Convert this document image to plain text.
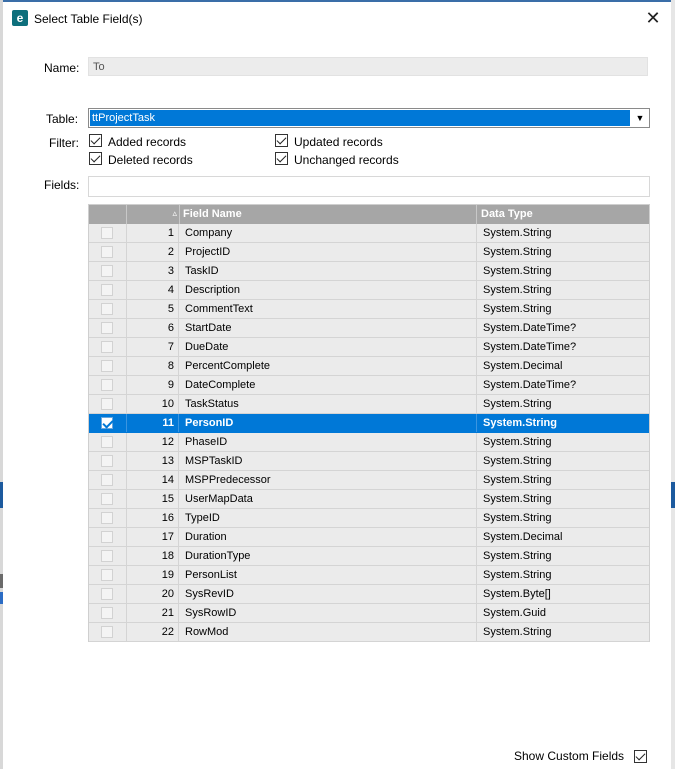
e Select Table Field(s)	✕
Name:	To
Table: ttProjectTask	▼
Filter: Added records	Updated records
Deleted records	Unchanged records
Fields:
▵ Field Name	Data Type
1	Company	System.String
2	ProjectID	System.String
3	TaskID	System.String
4	Description	System.String
5	CommentText	System.String
6	StartDate	System.DateTime?
7	DueDate	System.DateTime?
8	PercentComplete	System.Decimal
9	DateComplete	System.DateTime?
10	TaskStatus	System.String
11	PersonID	System.String
12	PhaseID	System.String
13	MSPTaskID	System.String
14	MSPPredecessor	System.String
15	UserMapData	System.String
16	TypeID	System.String
17	Duration	System.Decimal
18	DurationType	System.String
19	PersonList	System.String
20	SysRevID	System.Byte[]
21	SysRowID	System.Guid
22	RowMod	System.String
Show Custom Fields
